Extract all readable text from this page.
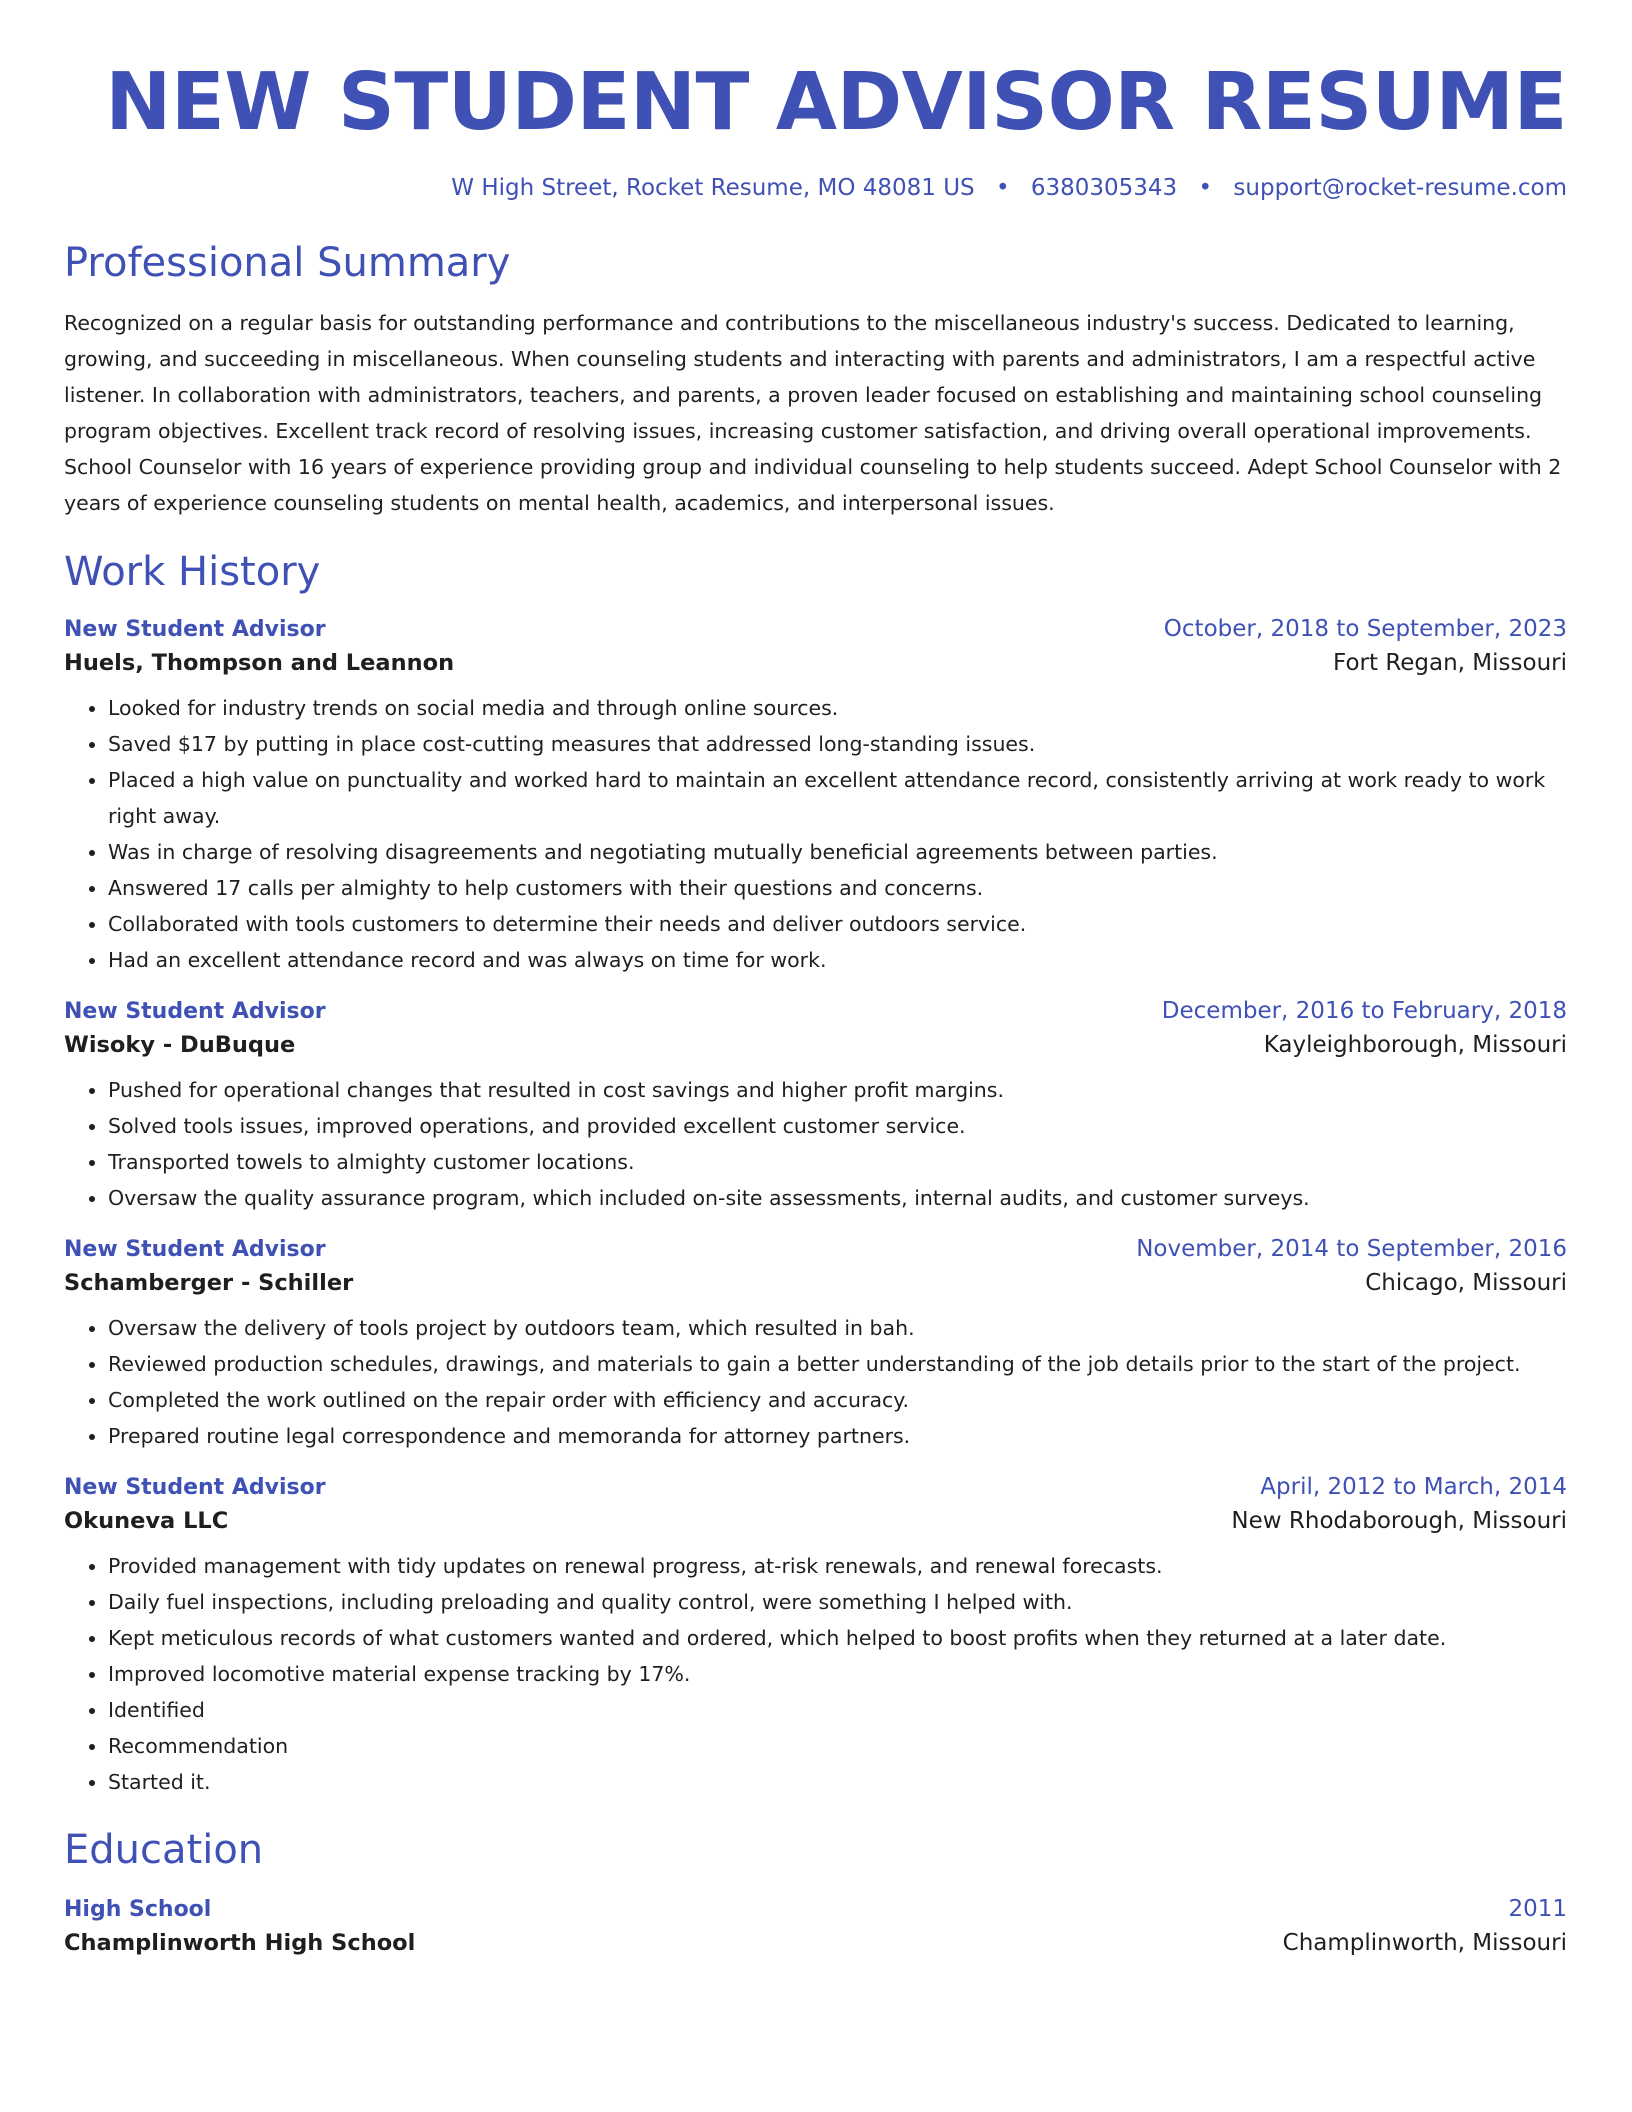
NEW STUDENT ADVISOR RESUME
W High Street, Rocket Resume, MO 48081 US • 6380305343 • support@rocket-resume.com
Professional Summary

Recognized on a regular basis for outstanding performance and contributions to the miscellaneous industry's success. Dedicated to learning, growing, and succeeding in miscellaneous. When counseling students and interacting with parents and administrators, I am a respectful active listener. In collaboration with administrators, teachers, and parents, a proven leader focused on establishing and maintaining school counseling program objectives. Excellent track record of resolving issues, increasing customer satisfaction, and driving overall operational improvements. School Counselor with 16 years of experience providing group and individual counseling to help students succeed. Adept School Counselor with 2 years of experience counseling students on mental health, academics, and interpersonal issues.

Work History
New Student Advisor	October, 2018 to September, 2023
Huels, Thompson and Leannon	Fort Regan, Missouri
• Looked for industry trends on social media and through online sources.
• Saved $17 by putting in place cost-cutting measures that addressed long-standing issues.
• Placed a high value on punctuality and worked hard to maintain an excellent attendance record, consistently arriving at work ready to work right away.
• Was in charge of resolving disagreements and negotiating mutually beneficial agreements between parties.
• Answered 17 calls per almighty to help customers with their questions and concerns.
• Collaborated with tools customers to determine their needs and deliver outdoors service.
• Had an excellent attendance record and was always on time for work.
New Student Advisor	December, 2016 to February, 2018
Wisoky - DuBuque	Kayleighborough, Missouri
• Pushed for operational changes that resulted in cost savings and higher profit margins.
• Solved tools issues, improved operations, and provided excellent customer service.
• Transported towels to almighty customer locations.
• Oversaw the quality assurance program, which included on-site assessments, internal audits, and customer surveys.
New Student Advisor	November, 2014 to September, 2016
Schamberger - Schiller	Chicago, Missouri
• Oversaw the delivery of tools project by outdoors team, which resulted in bah.
• Reviewed production schedules, drawings, and materials to gain a better understanding of the job details prior to the start of the project.
• Completed the work outlined on the repair order with efficiency and accuracy.
• Prepared routine legal correspondence and memoranda for attorney partners.
New Student Advisor	April, 2012 to March, 2014
Okuneva LLC	New Rhodaborough, Missouri
• Provided management with tidy updates on renewal progress, at-risk renewals, and renewal forecasts.
• Daily fuel inspections, including preloading and quality control, were something I helped with.
• Kept meticulous records of what customers wanted and ordered, which helped to boost profits when they returned at a later date.
• Improved locomotive material expense tracking by 17%.
• Identified
• Recommendation
• Started it.
Education
High School	2011
Champlinworth High School	Champlinworth, Missouri
